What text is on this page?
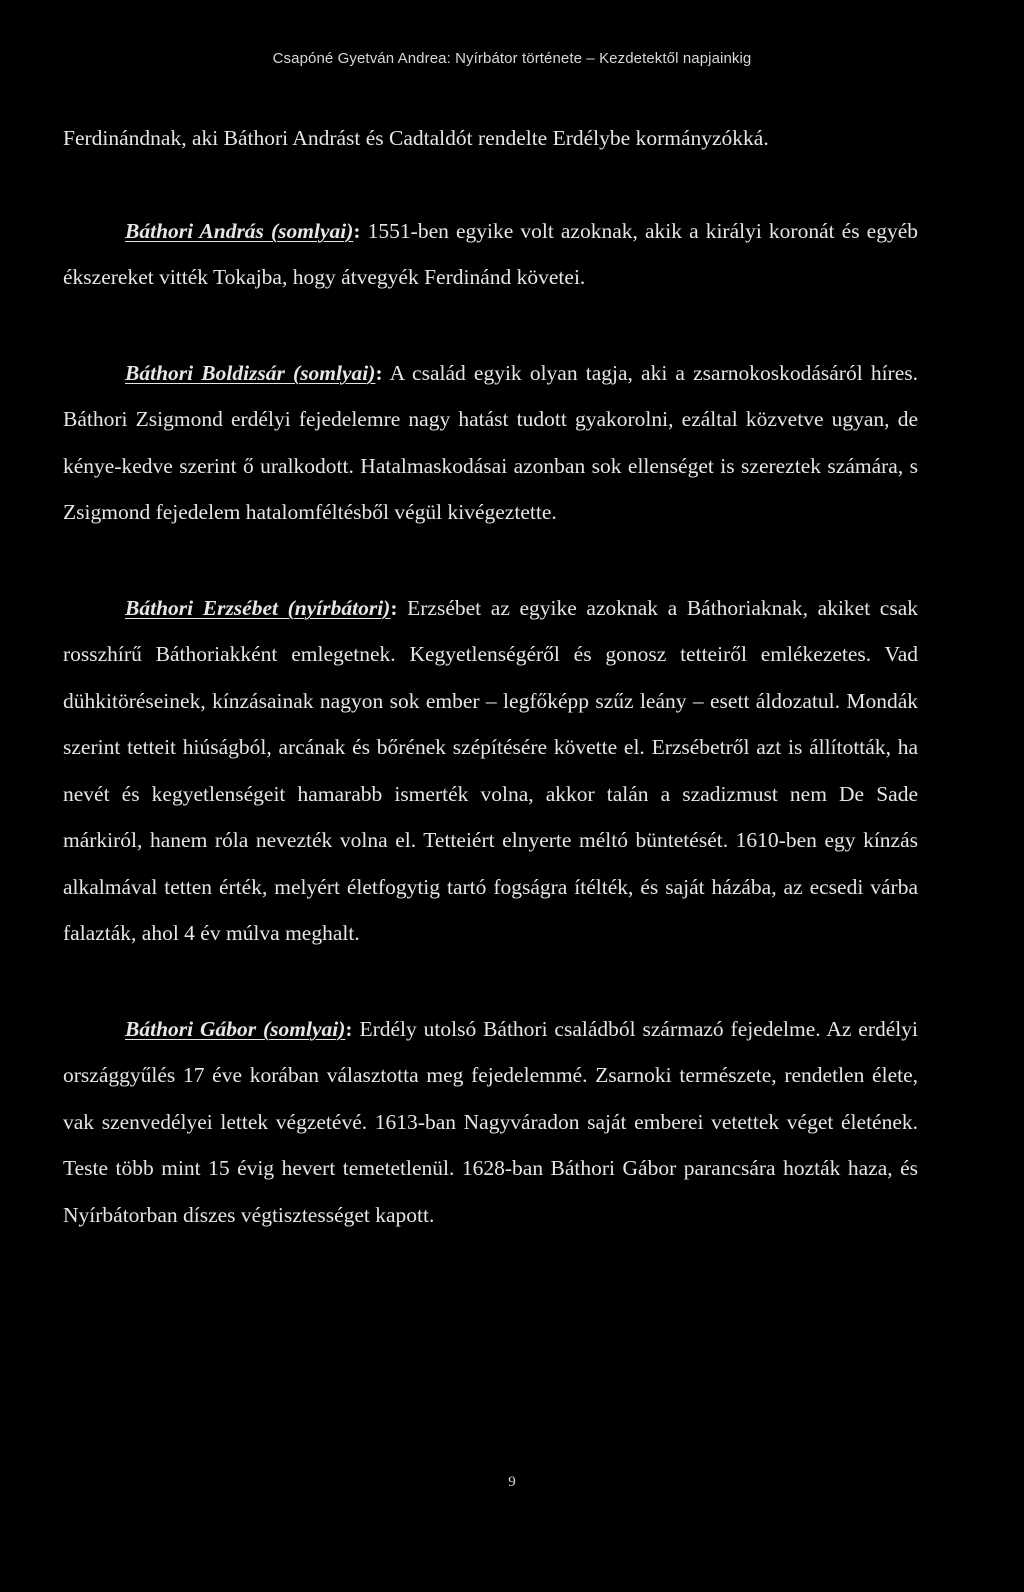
Csapóné Gyetván Andrea: Nyírbátor története – Kezdetektől napjainkig

Ferdinándnak, aki Báthori Andrást és Cadtaldót rendelte Erdélybe kormányzókká.

Báthori András (somlyai): 1551-ben egyike volt azoknak, akik a királyi koronát és egyéb ékszereket vitték Tokajba, hogy átvegyék Ferdinánd követei.

Báthori Boldizsár (somlyai): A család egyik olyan tagja, aki a zsarnokoskodásáról híres. Báthori Zsigmond erdélyi fejedelemre nagy hatást tudott gyakorolni, ezáltal közvetve ugyan, de kénye-kedve szerint ő uralkodott. Hatalmaskodásai azonban sok ellenséget is szereztek számára, s Zsigmond fejedelem hatalomféltésből végül kivégeztette.

Báthori Erzsébet (nyírbátori): Erzsébet az egyike azoknak a Báthoriaknak, akiket csak rosszhírű Báthoriakként emlegetnek. Kegyetlenségéről és gonosz tetteiről emlékezetes. Vad dühkitöréseinek, kínzásainak nagyon sok ember – legfőképp szűz leány – esett áldozatul. Mondák szerint tetteit hiúságból, arcának és bőrének szépítésére követte el. Erzsébetről azt is állították, ha nevét és kegyetlenségeit hamarabb ismerték volna, akkor talán a szadizmust nem De Sade márkiról, hanem róla nevezték volna el. Tetteiért elnyerte méltó büntetését. 1610-ben egy kínzás alkalmával tetten érték, melyért életfogytig tartó fogságra ítélték, és saját házába, az ecsedi várba falazták, ahol 4 év múlva meghalt.

Báthori Gábor (somlyai): Erdély utolsó Báthori családból származó fejedelme. Az erdélyi országgyűlés 17 éve korában választotta meg fejedelemmé. Zsarnoki természete, rendetlen élete, vak szenvedélyei lettek végzetévé. 1613-ban Nagyváradon saját emberei vetettek véget életének. Teste több mint 15 évig hevert temetetlenül. 1628-ban Báthori Gábor parancsára hozták haza, és Nyírbátorban díszes végtisztességet kapott.

9
